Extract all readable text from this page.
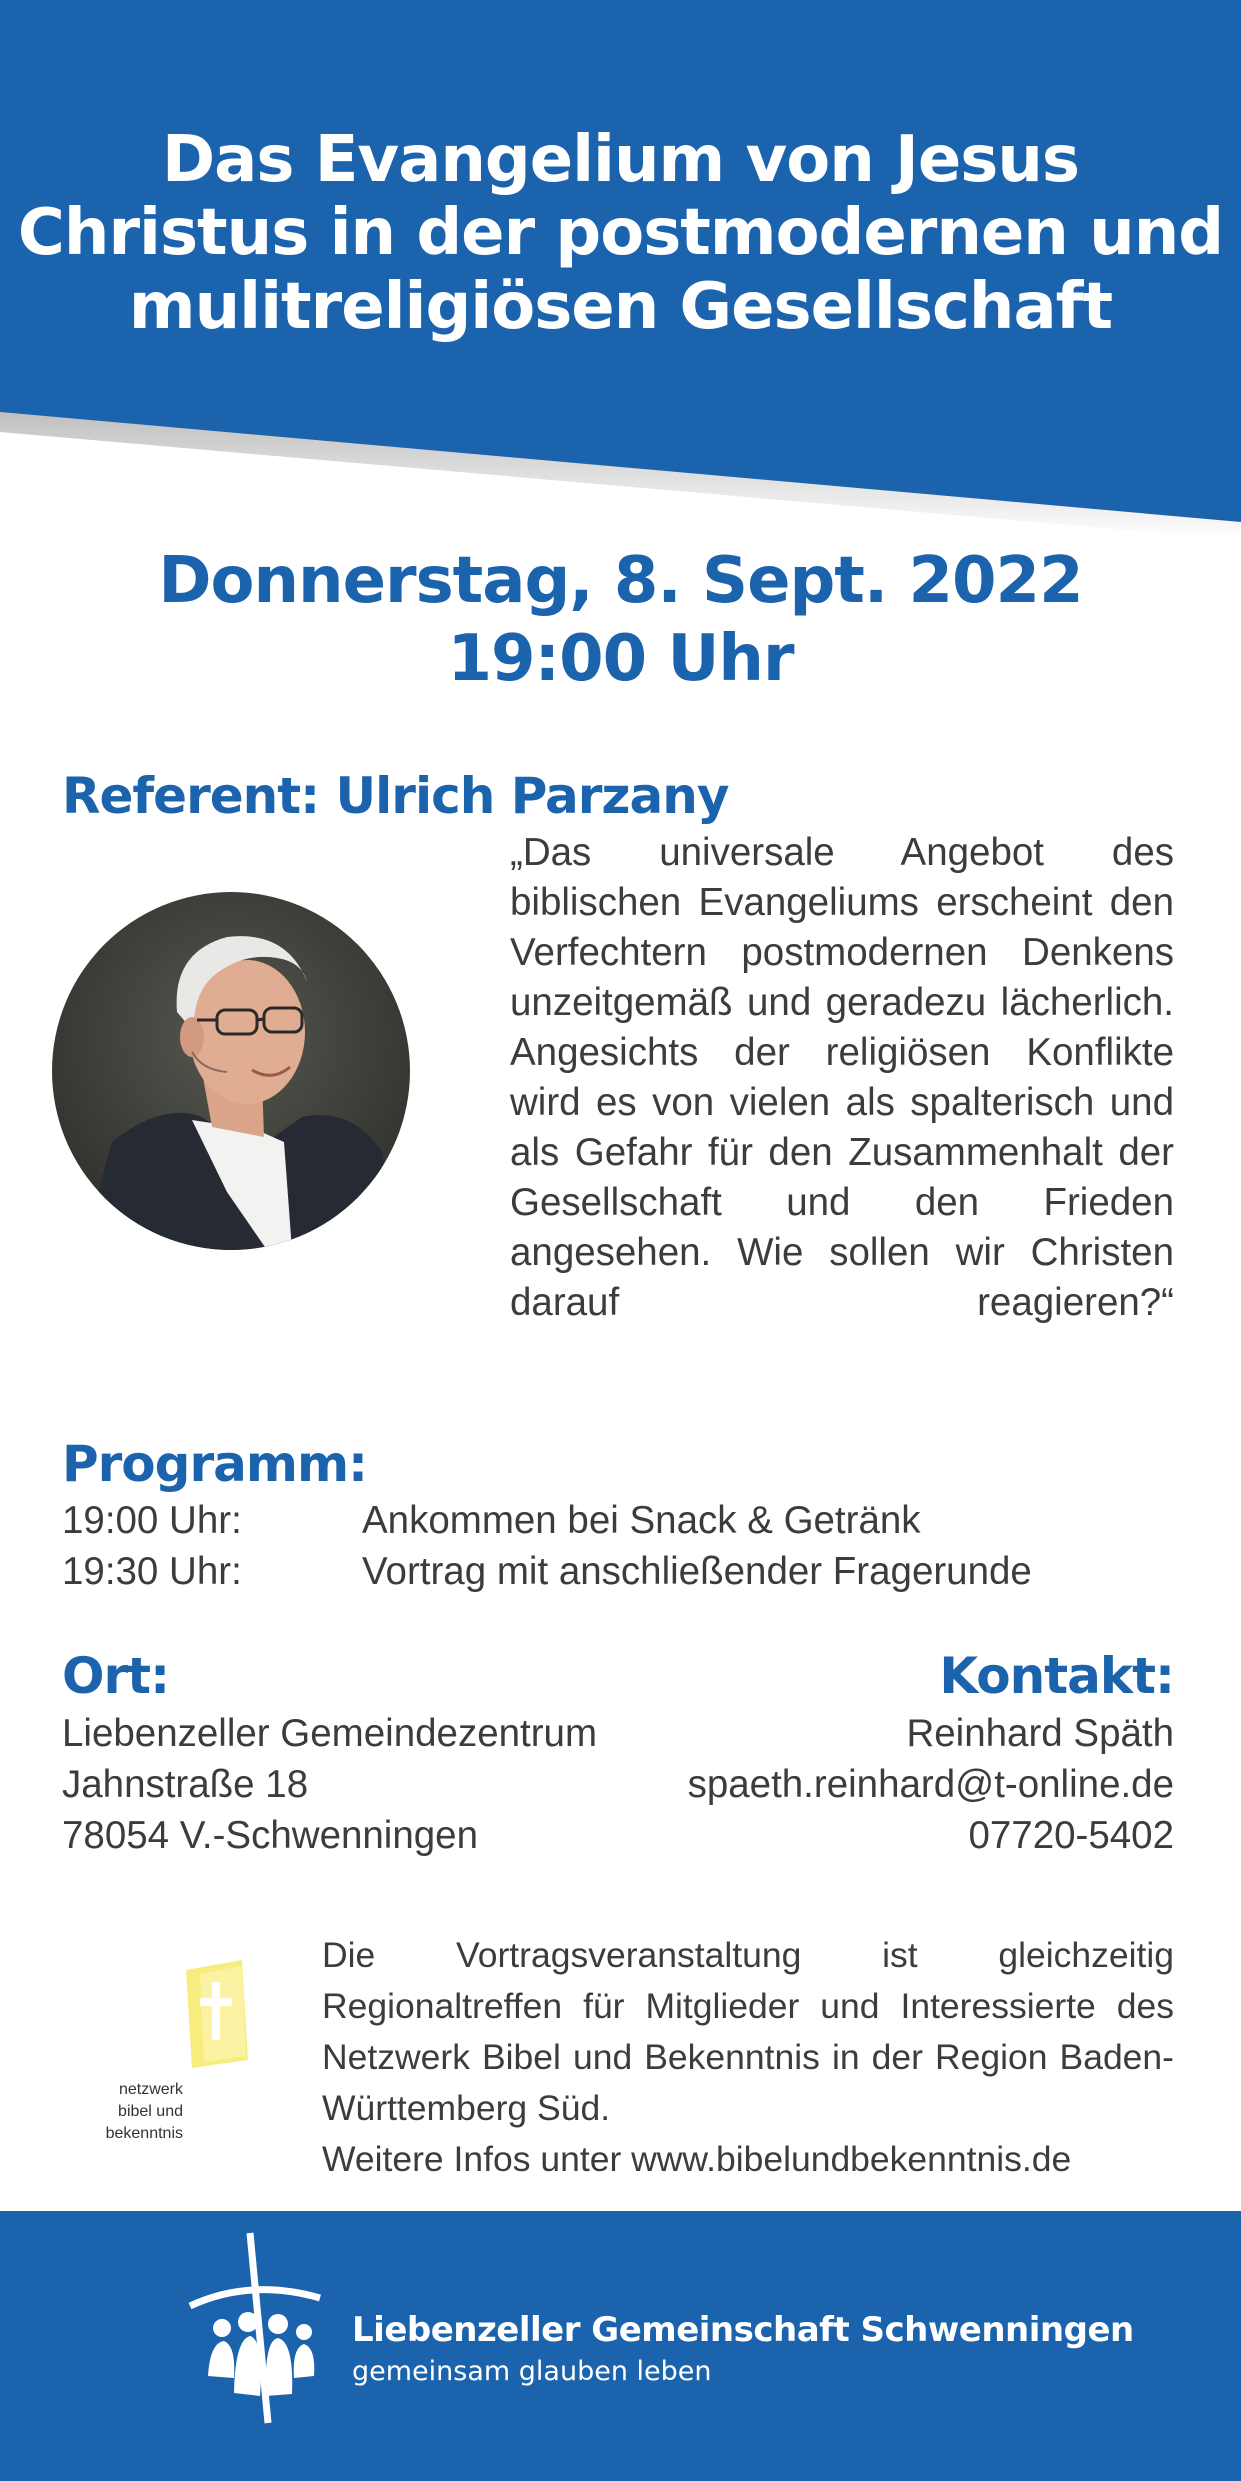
Das Evangelium von Jesus
Christus in der postmodernen und
mulitreligiösen Gesellschaft
Donnerstag, 8. Sept. 2022
19:00 Uhr
Referent: Ulrich Parzany
„Das universale Angebot des biblischen Evangeliums erscheint den Verfechtern postmodernen Denkens unzeitgemäß und geradezu lächerlich. Angesichts der religiösen Konflikte wird es von vielen als spalterisch und als Gefahr für den Zusammenhalt der Gesellschaft und den Frieden angesehen. Wie sollen wir Christen darauf reagieren?“
Programm:
19:00 Uhr:	Ankommen bei Snack & Getränk
19:30 Uhr:	Vortrag mit anschließender Fragerunde
Ort:
Liebenzeller Gemeindezentrum
Jahnstraße 18
78054 V.-Schwenningen
Kontakt:
Reinhard Späth
spaeth.reinhard@t-online.de
07720-5402
netzwerk
bibel und
bekenntnis
Die Vortragsveranstaltung ist gleichzeitig Regionaltreffen für Mitglieder und Interessierte des Netzwerk Bibel und Bekenntnis in der Region Baden-Württemberg Süd.
Weitere Infos unter www.bibelundbekenntnis.de
Liebenzeller Gemeinschaft Schwenningen
gemeinsam glauben leben
